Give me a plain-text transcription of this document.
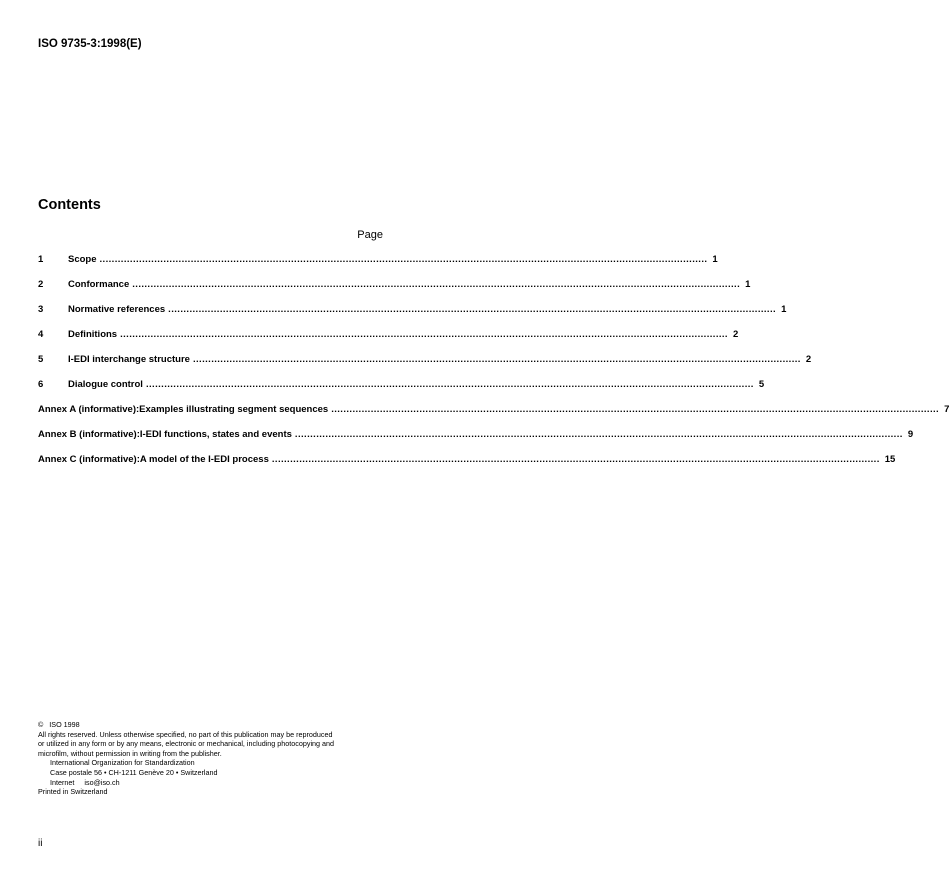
ISO 9735-3:1998(E)
Contents
Page
1	Scope ........................................................................................................................................................................................................ 1
2	Conformance ........................................................................................................................................................................................................ 1
3	Normative references ........................................................................................................................................................................................................ 1
4	Definitions ........................................................................................................................................................................................................ 2
5	I-EDI interchange structure ........................................................................................................................................................................................................ 2
6	Dialogue control ........................................................................................................................................................................................................ 5
Annex A (informative): Examples illustrating segment sequences ........................................................................................................................................................................................................ 7
Annex B (informative): I-EDI functions, states and events ........................................................................................................................................................................................................ 9
Annex C (informative): A model of the I-EDI process ........................................................................................................................................................................................................ 15
© ISO 1998
All rights reserved. Unless otherwise specified, no part of this publication may be reproduced
or utilized in any form or by any means, electronic or mechanical, including photocopying and
microfilm, without permission in writing from the publisher.
International Organization for Standardization
Case postale 56 • CH-1211 Genève 20 • Switzerland
Internet iso@iso.ch
Printed in Switzerland
ii
